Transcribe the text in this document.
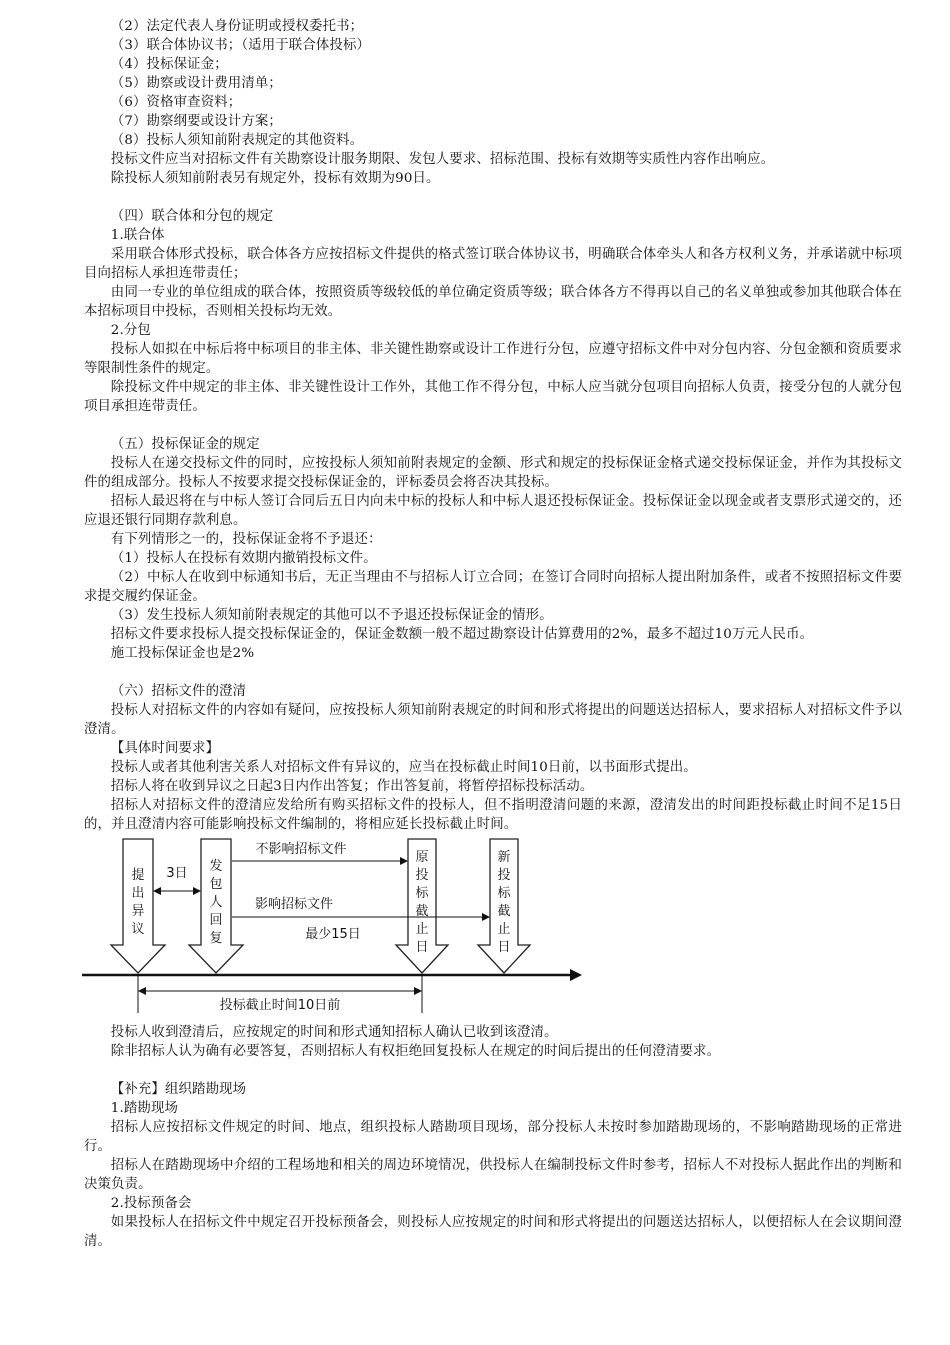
（2）法定代表人身份证明或授权委托书；
（3）联合体协议书；（适用于联合体投标）
（4）投标保证金；
（5）勘察或设计费用清单；
（6）资格审查资料；
（7）勘察纲要或设计方案；
（8）投标人须知前附表规定的其他资料。
投标文件应当对招标文件有关勘察设计服务期限、发包人要求、招标范围、投标有效期等实质性内容作出响应。
除投标人须知前附表另有规定外，投标有效期为90日。
（四）联合体和分包的规定
1.联合体
采用联合体形式投标，联合体各方应按招标文件提供的格式签订联合体协议书，明确联合体牵头人和各方权利义务，并承诺就中标项目向招标人承担连带责任；
由同一专业的单位组成的联合体，按照资质等级较低的单位确定资质等级；联合体各方不得再以自己的名义单独或参加其他联合体在本招标项目中投标，否则相关投标均无效。
2.分包
投标人如拟在中标后将中标项目的非主体、非关键性勘察或设计工作进行分包，应遵守招标文件中对分包内容、分包金额和资质要求等限制性条件的规定。
除投标文件中规定的非主体、非关键性设计工作外，其他工作不得分包，中标人应当就分包项目向招标人负责，接受分包的人就分包项目承担连带责任。
（五）投标保证金的规定
投标人在递交投标文件的同时，应按投标人须知前附表规定的金额、形式和规定的投标保证金格式递交投标保证金，并作为其投标文件的组成部分。投标人不按要求提交投标保证金的，评标委员会将否决其投标。
招标人最迟将在与中标人签订合同后五日内向未中标的投标人和中标人退还投标保证金。投标保证金以现金或者支票形式递交的，还应退还银行同期存款利息。
有下列情形之一的，投标保证金将不予退还：
（1）投标人在投标有效期内撤销投标文件。
（2）中标人在收到中标通知书后，无正当理由不与招标人订立合同；在签订合同时向招标人提出附加条件，或者不按照招标文件要求提交履约保证金。
（3）发生投标人须知前附表规定的其他可以不予退还投标保证金的情形。
招标文件要求投标人提交投标保证金的，保证金数额一般不超过勘察设计估算费用的2%，最多不超过10万元人民币。
施工投标保证金也是2%
（六）招标文件的澄清
投标人对招标文件的内容如有疑问，应按投标人须知前附表规定的时间和形式将提出的问题送达招标人，要求招标人对招标文件予以澄清。
【具体时间要求】
投标人或者其他利害关系人对招标文件有异议的，应当在投标截止时间10日前，以书面形式提出。
招标人将在收到异议之日起3日内作出答复；作出答复前，将暂停招标投标活动。
招标人对招标文件的澄清应发给所有购买招标文件的投标人，但不指明澄清问题的来源，澄清发出的时间距投标截止时间不足15日的，并且澄清内容可能影响投标文件编制的，将相应延长投标截止时间。
提
出
异
议
发
包
人
回
复
原
投
标
截
止
日
新
投
标
截
止
日
3日
不影响招标文件
影响招标文件
最少15日
投标截止时间10日前
投标人收到澄清后，应按规定的时间和形式通知招标人确认已收到该澄清。
除非招标人认为确有必要答复，否则招标人有权拒绝回复投标人在规定的时间后提出的任何澄清要求。
【补充】组织踏勘现场
1.踏勘现场
招标人应按招标文件规定的时间、地点，组织投标人踏勘项目现场，部分投标人未按时参加踏勘现场的，不影响踏勘现场的正常进行。
招标人在踏勘现场中介绍的工程场地和相关的周边环境情况，供投标人在编制投标文件时参考，招标人不对投标人据此作出的判断和决策负责。
2.投标预备会
如果投标人在招标文件中规定召开投标预备会，则投标人应按规定的时间和形式将提出的问题送达招标人，以便招标人在会议期间澄清。
